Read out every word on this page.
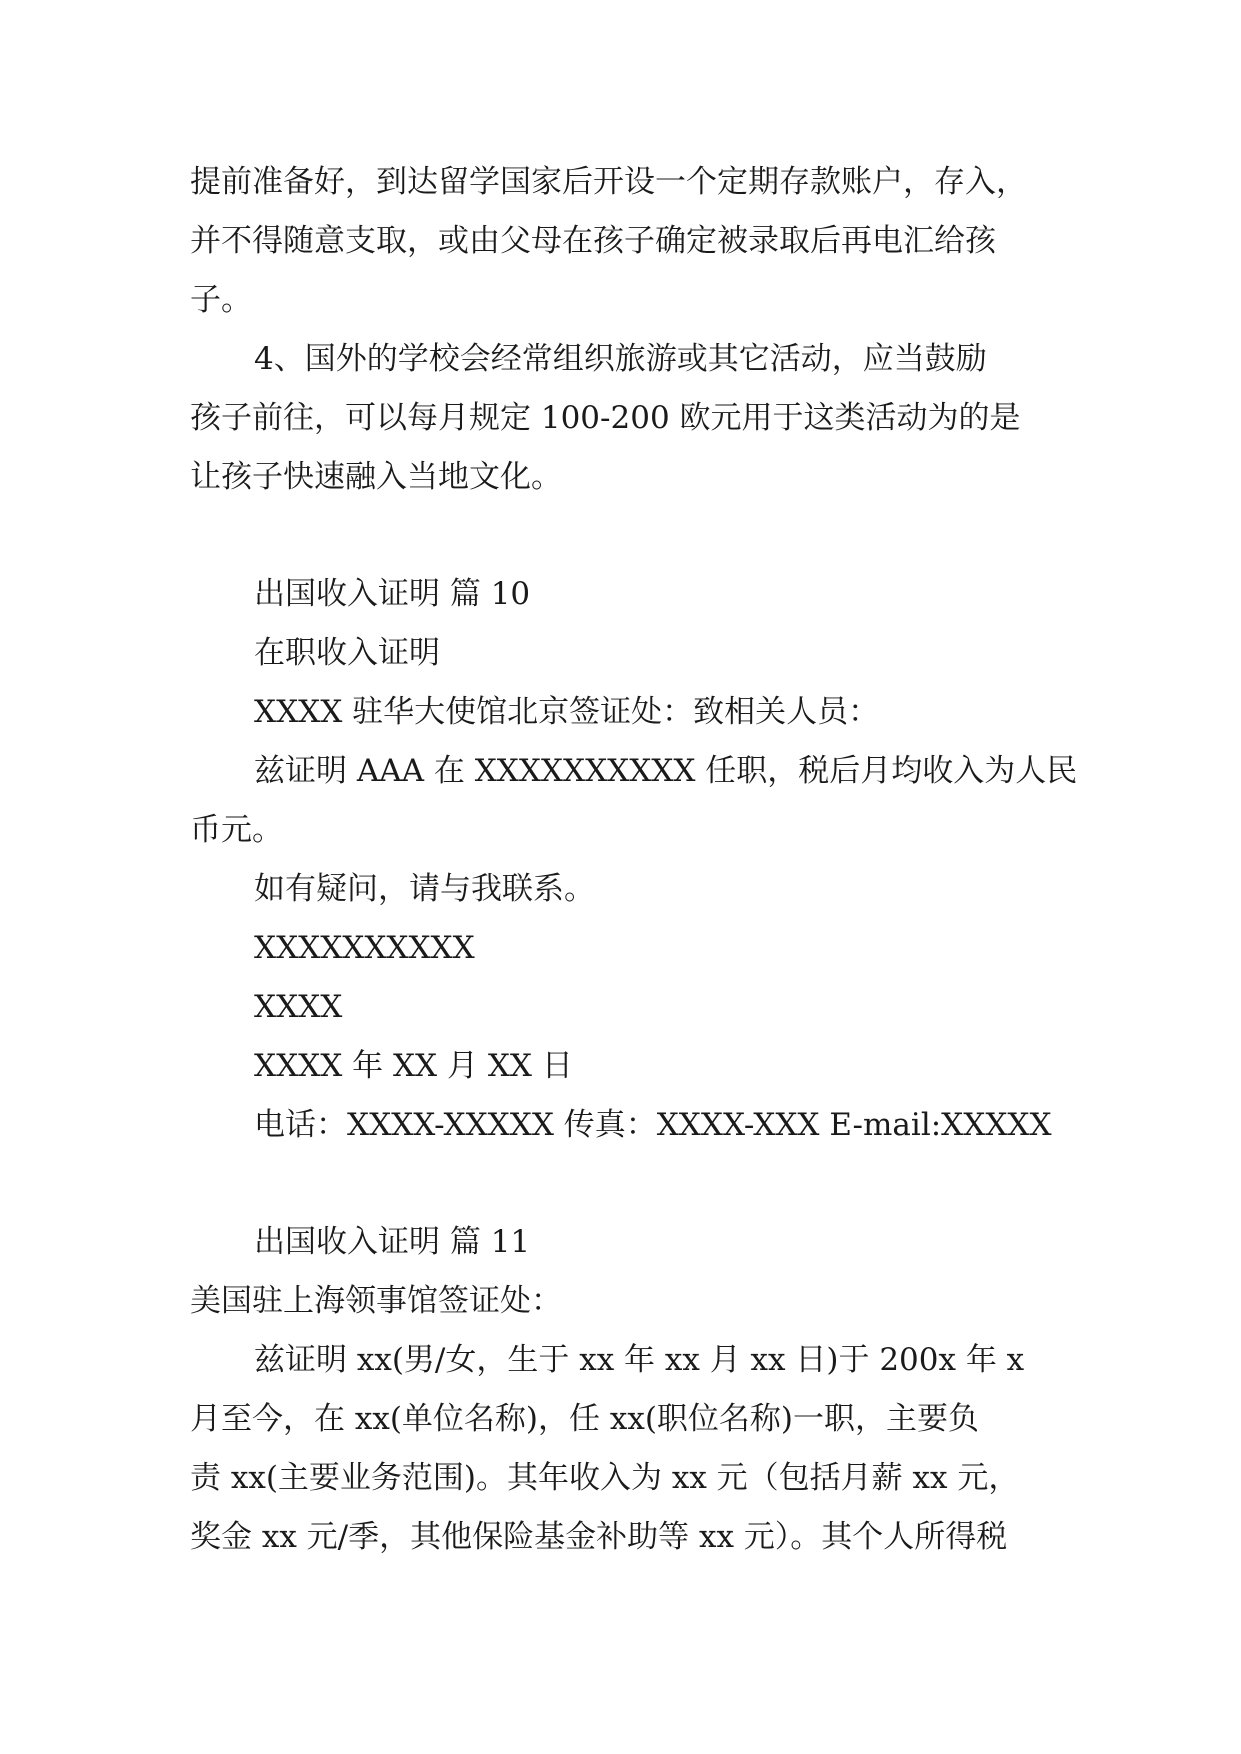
提前准备好，到达留学国家后开设一个定期存款账户，存入，

并不得随意支取，或由父母在孩子确定被录取后再电汇给孩

子。

4、国外的学校会经常组织旅游或其它活动，应当鼓励

孩子前往，可以每月规定 100-200 欧元用于这类活动为的是

让孩子快速融入当地文化。

出国收入证明 篇 10

在职收入证明

XXXX 驻华大使馆北京签证处：致相关人员：

兹证明 AAA 在 XXXXXXXXXX 任职，税后月均收入为人民

币元。

如有疑问，请与我联系。

XXXXXXXXXX

XXXX

XXXX 年 XX 月 XX 日

电话：XXXX-XXXXX 传真：XXXX-XXX E-mail:XXXXX

出国收入证明 篇 11

美国驻上海领事馆签证处：

兹证明 xx(男/女，生于 xx 年 xx 月 xx 日)于 200x 年 x

月至今，在 xx(单位名称)，任 xx(职位名称)一职，主要负

责 xx(主要业务范围)。其年收入为 xx 元（包括月薪 xx 元，

奖金 xx 元/季，其他保险基金补助等 xx 元）。其个人所得税
